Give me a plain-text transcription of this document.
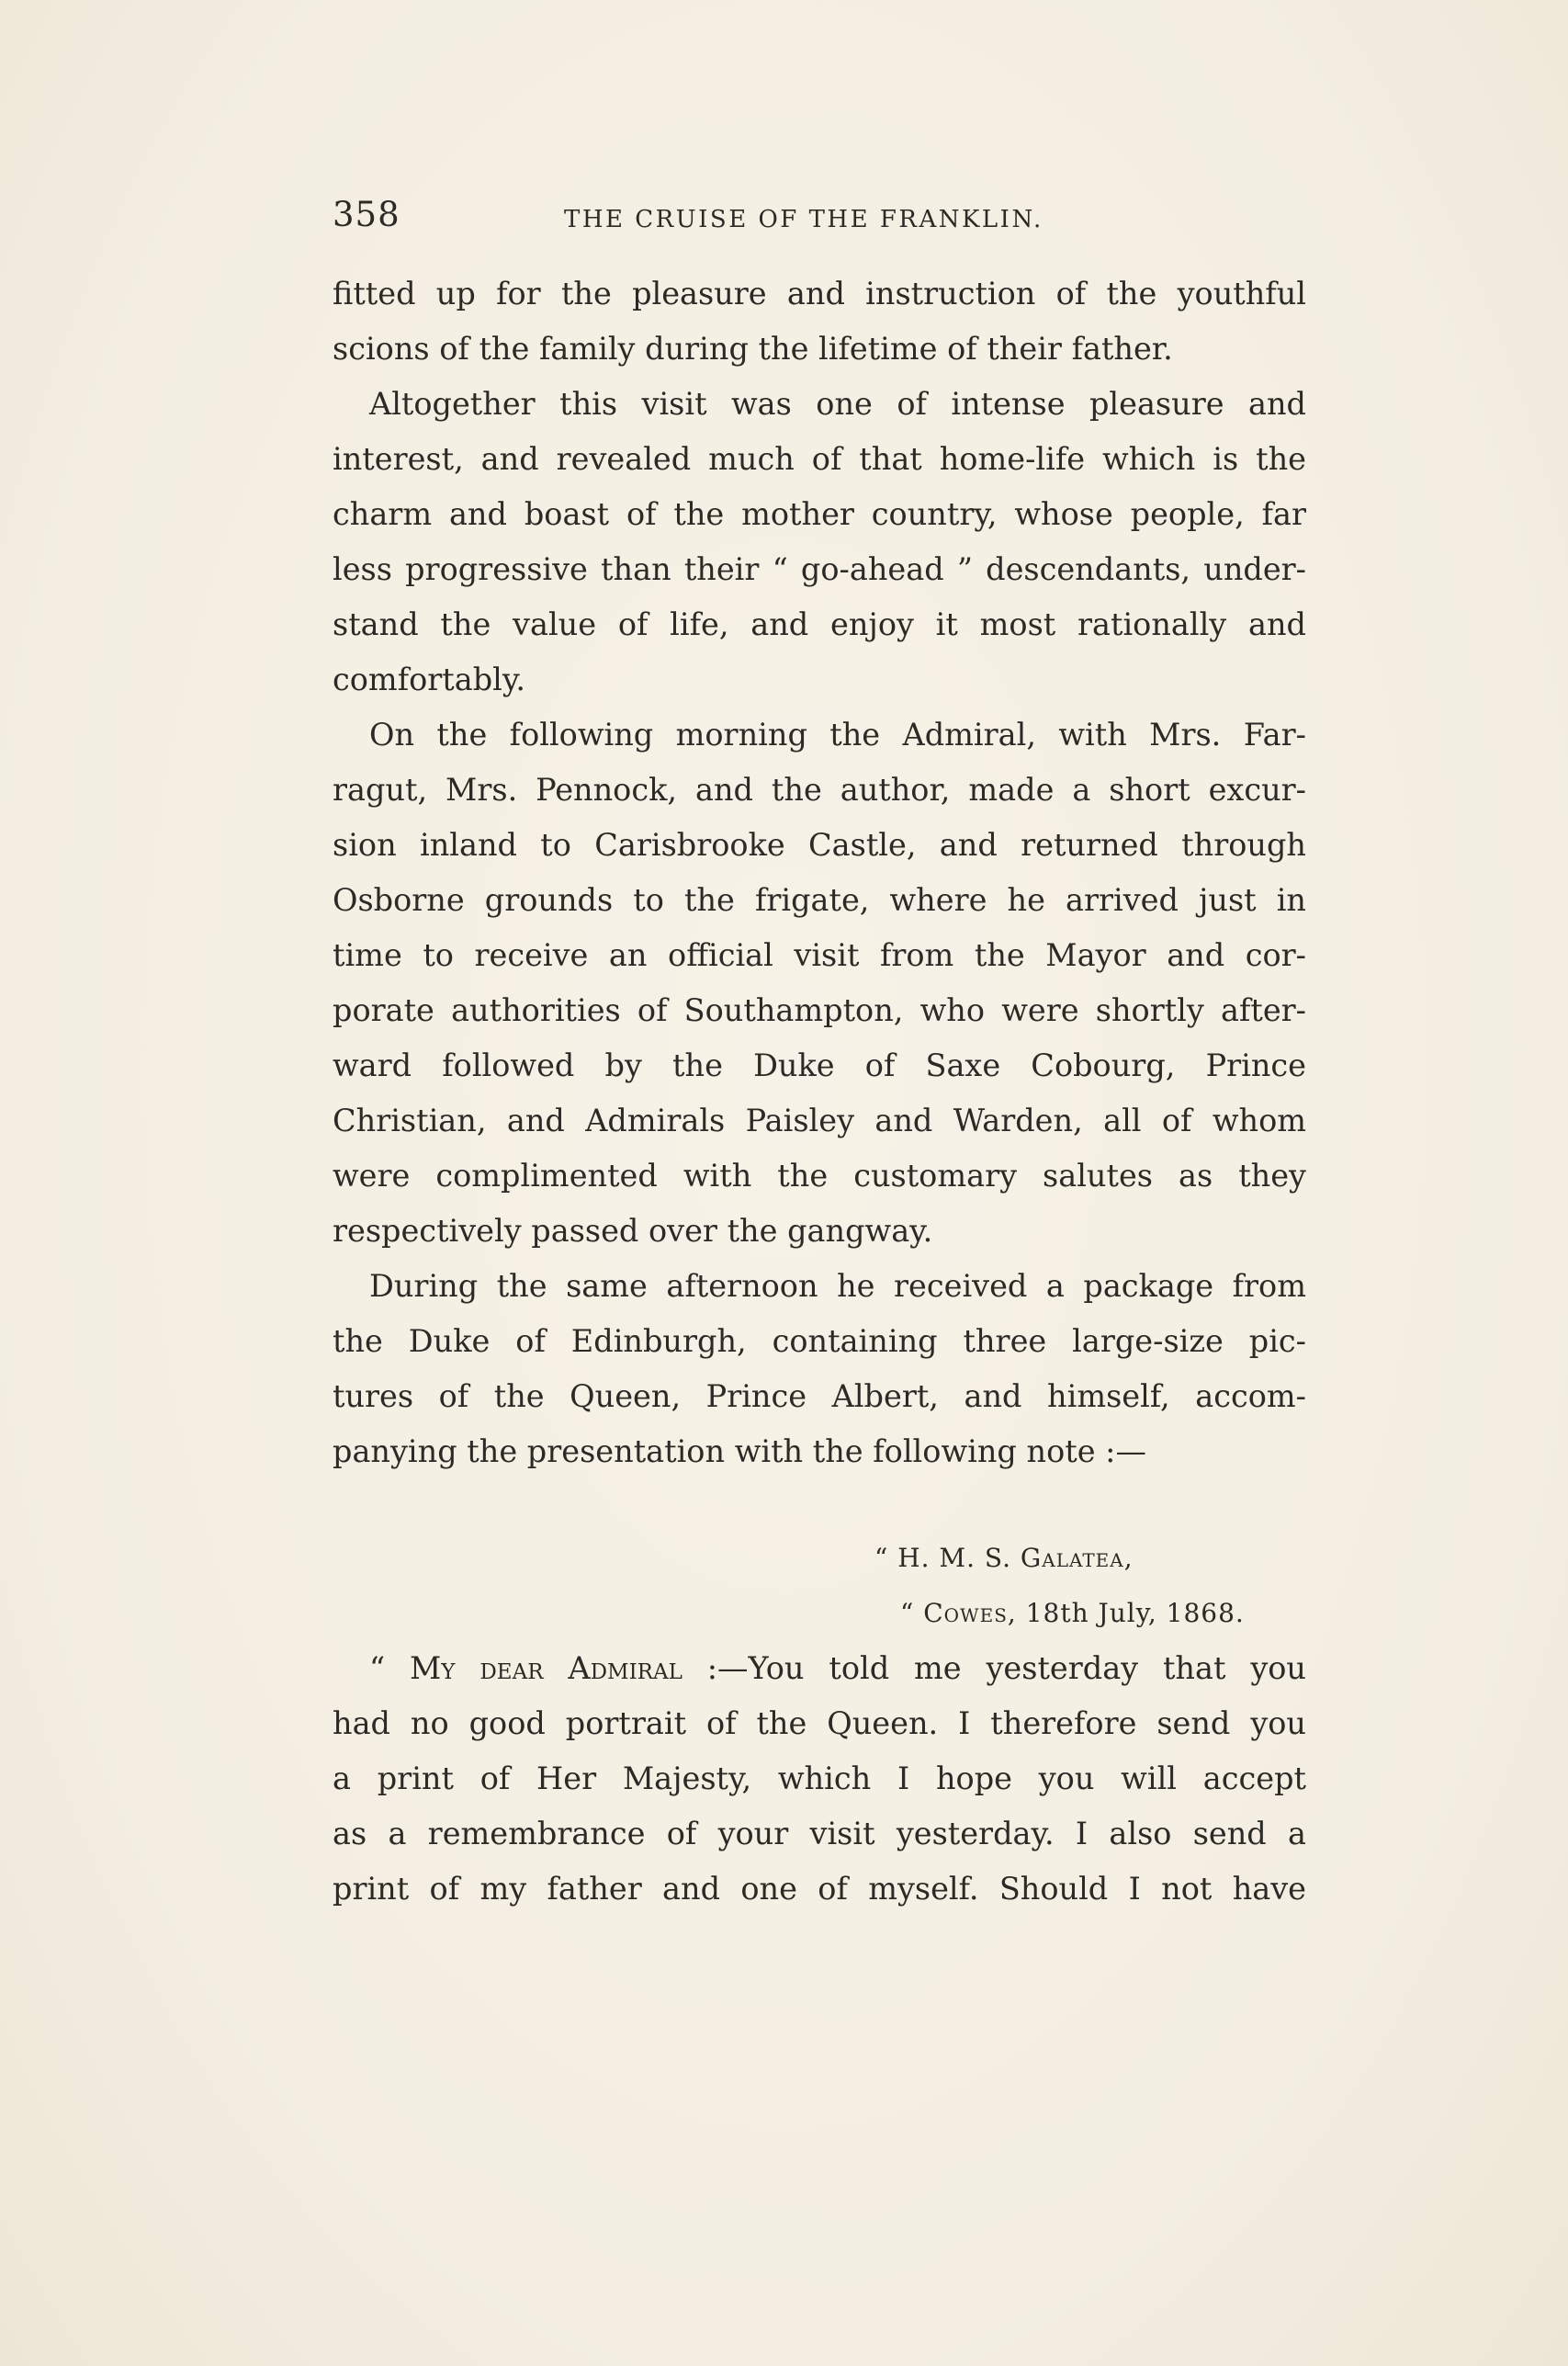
358	THE CRUISE OF THE FRANKLIN.
fitted up for the pleasure and instruction of the youthful
scions of the family during the lifetime of their father.
Altogether this visit was one of intense pleasure and
interest, and revealed much of that home-life which is the
charm and boast of the mother country, whose people, far
less progressive than their “ go-ahead ” descendants, under-
stand the value of life, and enjoy it most rationally and
comfortably.
On the following morning the Admiral, with Mrs. Far-
ragut, Mrs. Pennock, and the author, made a short excur-
sion inland to Carisbrooke Castle, and returned through
Osborne grounds to the frigate, where he arrived just in
time to receive an official visit from the Mayor and cor-
porate authorities of Southampton, who were shortly after-
ward followed by the Duke of Saxe Cobourg, Prince
Christian, and Admirals Paisley and Warden, all of whom
were complimented with the customary salutes as they
respectively passed over the gangway.
During the same afternoon he received a package from
the Duke of Edinburgh, containing three large-size pic-
tures of the Queen, Prince Albert, and himself, accom-
panying the presentation with the following note :—
“ H. M. S. Galatea,
“ Cowes, 18th July, 1868.
“ My dear Admiral :—You told me yesterday that you
had no good portrait of the Queen. I therefore send you
a print of Her Majesty, which I hope you will accept
as a remembrance of your visit yesterday. I also send a
print of my father and one of myself. Should I not have
